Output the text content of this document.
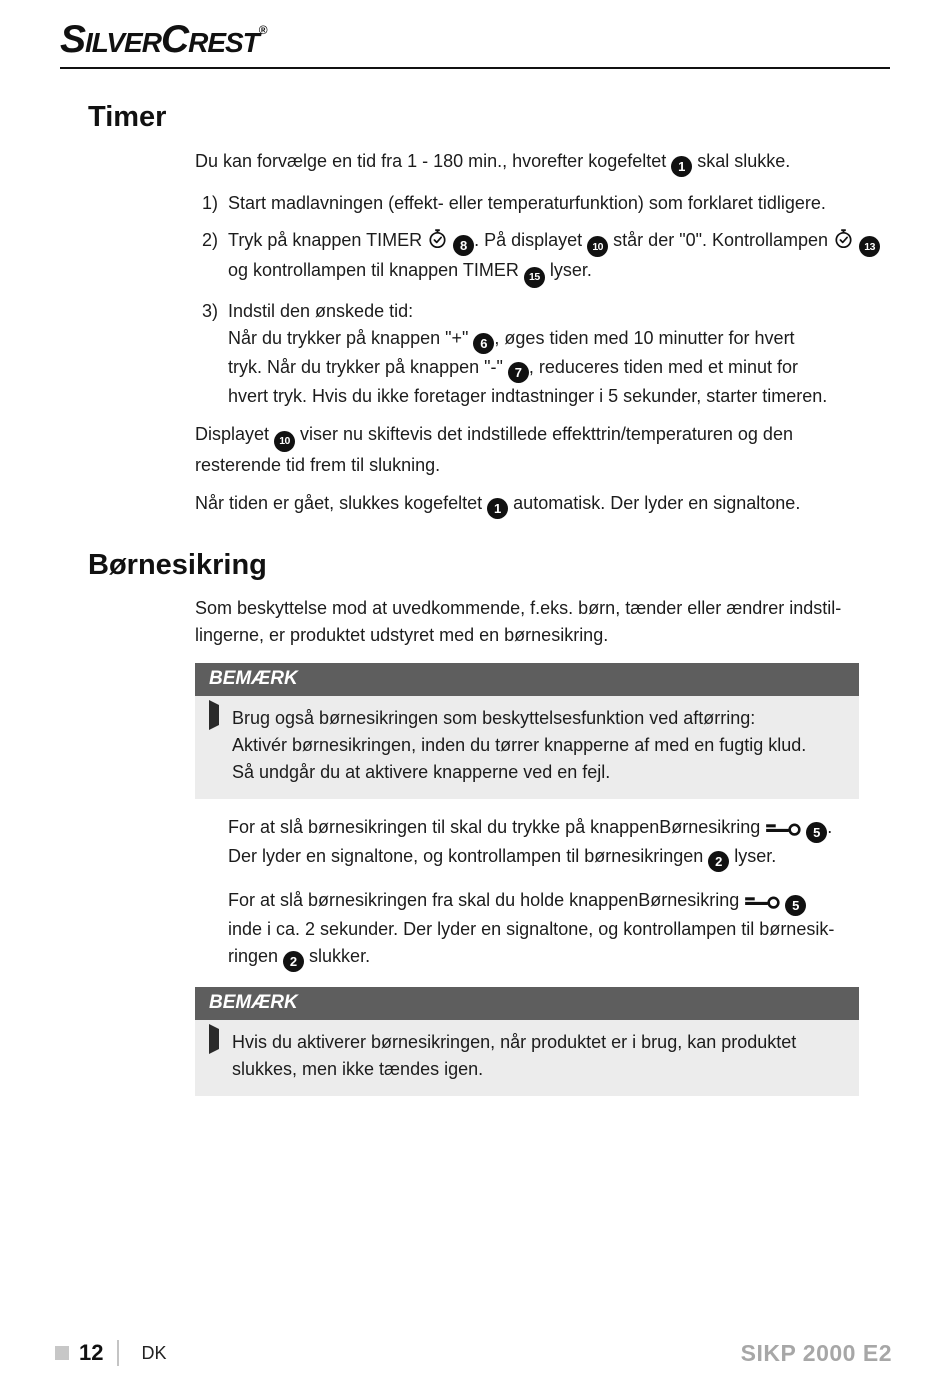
SILVERCREST®
Timer
Du kan forvælge en tid fra 1 - 180 min., hvorefter kogefeltet 1 skal slukke.
1) Start madlavningen (effekt- eller temperaturfunktion) som forklaret tidligere.
2) Tryk på knappen TIMER	8 . På displayet 10 står der "0". Kontrollampen	13
og kontrollampen til knappen TIMER 15 lyser.
3) Indstil den ønskede tid:
Når du trykker på knappen "+" 6 , øges tiden med 10 minutter for hvert
tryk. Når du trykker på knappen "-" 7 , reduceres tiden med et minut for
hvert tryk. Hvis du ikke foretager indtastninger i 5 sekunder, starter timeren.
Displayet 10 viser nu skiftevis det indstillede effekttrin/temperaturen og den
resterende tid frem til slukning.
Når tiden er gået, slukkes kogefeltet 1 automatisk. Der lyder en signaltone.
Børnesikring
Som beskyttelse mod at uvedkommende, f.eks. børn, tænder eller ændrer indstil-
lingerne, er produktet udstyret med en børnesikring.
BEMÆRK
Brug også børnesikringen som beskyttelsesfunktion ved aftørring:
Aktivér børnesikringen, inden du tørrer knapperne af med en fugtig klud.
Så undgår du at aktivere knapperne ved en fejl.
For at slå børnesikringen til skal du trykke på knappenBørnesikring	5 .
Der lyder en signaltone, og kontrollampen til børnesikringen 2 lyser.
For at slå børnesikringen fra skal du holde knappenBørnesikring	5
inde i ca. 2 sekunder. Der lyder en signaltone, og kontrollampen til børnesik-
ringen 2 slukker.
BEMÆRK
Hvis du aktiverer børnesikringen, når produktet er i brug, kan produktet
slukkes, men ikke tændes igen.
12 DK	SIKP 2000 E2
